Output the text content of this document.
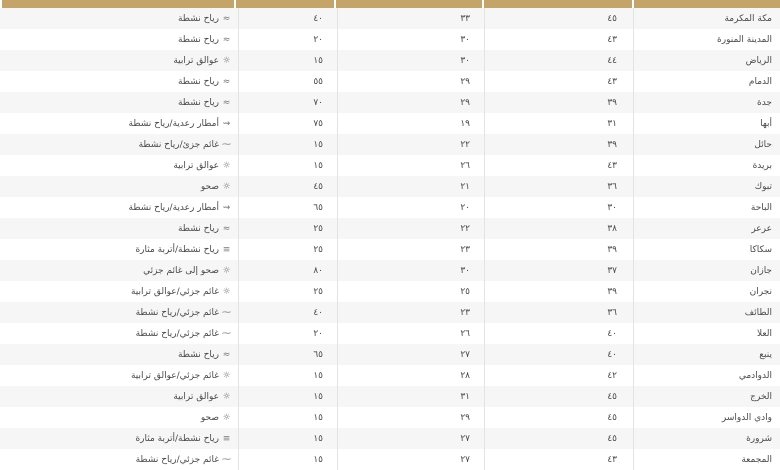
مكة المكرمة
٤٥
٣٣
٤٠
≈
رياح نشطة
المدينة المنورة
٤٣
٣٠
٢٠
≈
رياح نشطة
الرياض
٤٤
٣٠
١٥
☼
عوالق ترابية
الدمام
٤٣
٢٩
٥٥
≈
رياح نشطة
جدة
٣٩
٢٩
٧٠
≈
رياح نشطة
أبها
٣١
١٩
٧٥
⇝
أمطار رعدية/رياح نشطة
حائل
٣٩
٢٢
١٥
⁓
غائم جزئ/رياح نشطة
بريدة
٤٣
٢٦
١٥
☼
عوالق ترابية
تبوك
٣٦
٢١
٤٥
☼
صحو
الباحة
٣٠
٢٠
٦٥
⇝
أمطار رعدية/رياح نشطة
عرعر
٣٨
٢٢
٢٥
≈
رياح نشطة
سكاكا
٣٩
٢٣
٢٥
≡
رياح نشطة/أتربة مثارة
جازان
٣٧
٣٠
٨٠
☼
صحو إلى غائم جزئي
نجران
٣٩
٢٥
٢٥
☼
غائم جزئي/عوالق ترابية
الطائف
٣٦
٢٣
٤٠
⁓
غائم جزئي/رياح نشطة
العلا
٤٠
٢٦
٢٠
⁓
غائم جزئي/رياح نشطة
ينبع
٤٠
٢٧
٦٥
≈
رياح نشطة
الدوادمي
٤٢
٢٨
١٥
☼
غائم جزئي/عوالق ترابية
الخرج
٤٥
٣١
١٥
☼
عوالق ترابية
وادي الدواسر
٤٥
٢٩
١٥
☼
صحو
شرورة
٤٥
٢٧
١٥
≡
رياح نشطة/أتربة مثارة
المجمعة
٤٣
٢٧
١٥
⁓
غائم جزئي/رياح نشطة
